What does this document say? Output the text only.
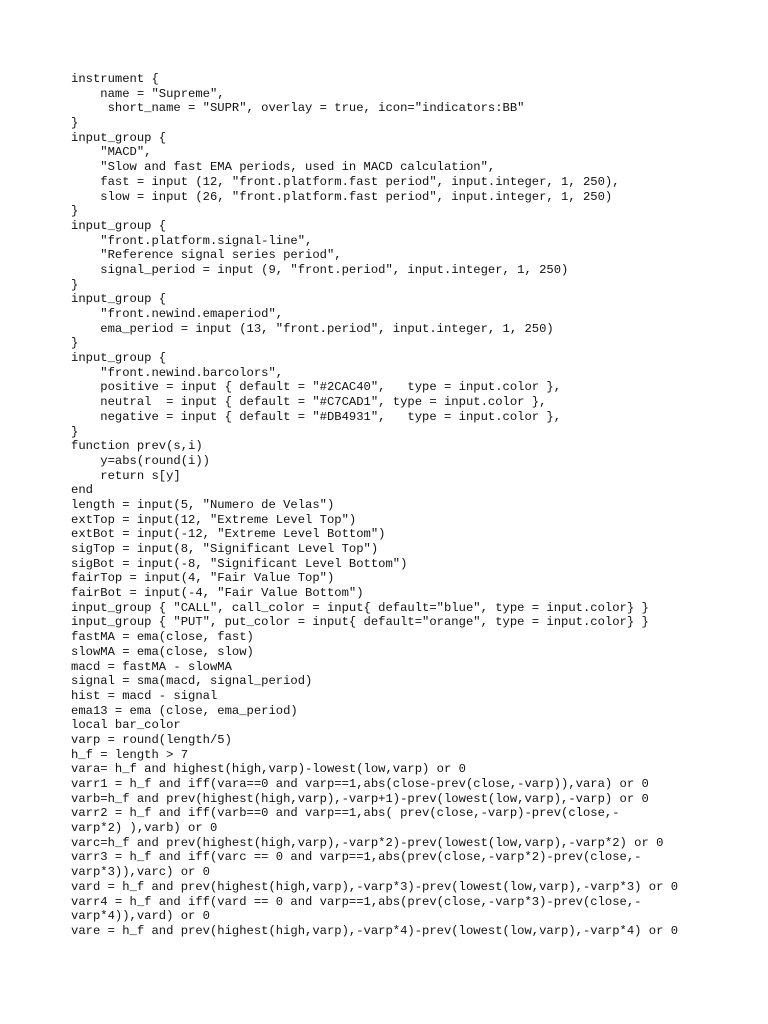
instrument {
name = "Supreme",
short_name = "SUPR", overlay = true, icon="indicators:BB"
}
input_group {
"MACD",
"Slow and fast EMA periods, used in MACD calculation",
fast = input (12, "front.platform.fast period", input.integer, 1, 250),
slow = input (26, "front.platform.fast period", input.integer, 1, 250)
}
input_group {
"front.platform.signal-line",
"Reference signal series period",
signal_period = input (9, "front.period", input.integer, 1, 250)
}
input_group {
"front.newind.emaperiod",
ema_period = input (13, "front.period", input.integer, 1, 250)
}
input_group {
"front.newind.barcolors",
positive = input { default = "#2CAC40",   type = input.color },
neutral  = input { default = "#C7CAD1", type = input.color },
negative = input { default = "#DB4931",   type = input.color },
}
function prev(s,i)
y=abs(round(i))
return s[y]
end
length = input(5, "Numero de Velas")
extTop = input(12, "Extreme Level Top")
extBot = input(-12, "Extreme Level Bottom")
sigTop = input(8, "Significant Level Top")
sigBot = input(-8, "Significant Level Bottom")
fairTop = input(4, "Fair Value Top")
fairBot = input(-4, "Fair Value Bottom")
input_group { "CALL", call_color = input{ default="blue", type = input.color} }
input_group { "PUT", put_color = input{ default="orange", type = input.color} }
fastMA = ema(close, fast)
slowMA = ema(close, slow)
macd = fastMA - slowMA
signal = sma(macd, signal_period)
hist = macd - signal
ema13 = ema (close, ema_period)
local bar_color
varp = round(length/5)
h_f = length > 7
vara= h_f and highest(high,varp)-lowest(low,varp) or 0
varr1 = h_f and iff(vara==0 and varp==1,abs(close-prev(close,-varp)),vara) or 0
varb=h_f and prev(highest(high,varp),-varp+1)-prev(lowest(low,varp),-varp) or 0
varr2 = h_f and iff(varb==0 and varp==1,abs( prev(close,-varp)-prev(close,-
varp*2) ),varb) or 0
varc=h_f and prev(highest(high,varp),-varp*2)-prev(lowest(low,varp),-varp*2) or 0
varr3 = h_f and iff(varc == 0 and varp==1,abs(prev(close,-varp*2)-prev(close,-
varp*3)),varc) or 0
vard = h_f and prev(highest(high,varp),-varp*3)-prev(lowest(low,varp),-varp*3) or 0
varr4 = h_f and iff(vard == 0 and varp==1,abs(prev(close,-varp*3)-prev(close,-
varp*4)),vard) or 0
vare = h_f and prev(highest(high,varp),-varp*4)-prev(lowest(low,varp),-varp*4) or 0
